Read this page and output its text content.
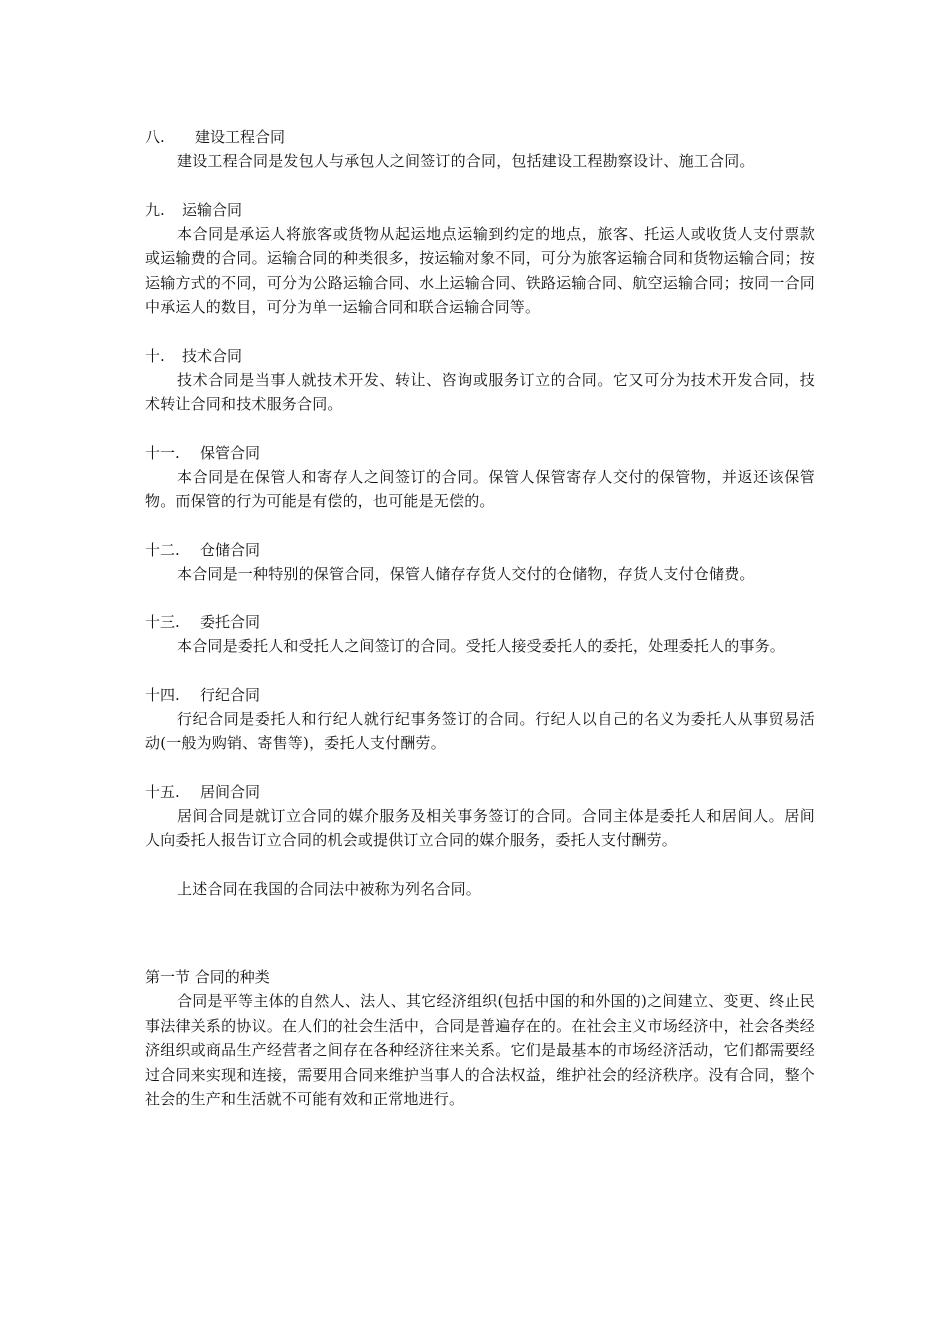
八. 建设工程合同

建设工程合同是发包人与承包人之间签订的合同，包括建设工程勘察设计、施工合同。

九. 运输合同

本合同是承运人将旅客或货物从起运地点运输到约定的地点，旅客、托运人或收货人支付票款或运输费的合同。运输合同的种类很多，按运输对象不同，可分为旅客运输合同和货物运输合同；按运输方式的不同，可分为公路运输合同、水上运输合同、铁路运输合同、航空运输合同；按同一合同中承运人的数目，可分为单一运输合同和联合运输合同等。

十. 技术合同

技术合同是当事人就技术开发、转让、咨询或服务订立的合同。它又可分为技术开发合同，技术转让合同和技术服务合同。

十一. 保管合同

本合同是在保管人和寄存人之间签订的合同。保管人保管寄存人交付的保管物，并返还该保管物。而保管的行为可能是有偿的，也可能是无偿的。

十二. 仓储合同

本合同是一种特别的保管合同，保管人储存存货人交付的仓储物，存货人支付仓储费。

十三. 委托合同

本合同是委托人和受托人之间签订的合同。受托人接受委托人的委托，处理委托人的事务。

十四. 行纪合同

行纪合同是委托人和行纪人就行纪事务签订的合同。行纪人以自己的名义为委托人从事贸易活动(一般为购销、寄售等)，委托人支付酬劳。

十五. 居间合同

居间合同是就订立合同的媒介服务及相关事务签订的合同。合同主体是委托人和居间人。居间人向委托人报告订立合同的机会或提供订立合同的媒介服务，委托人支付酬劳。

上述合同在我国的合同法中被称为列名合同。

第一节 合同的种类

合同是平等主体的自然人、法人、其它经济组织(包括中国的和外国的)之间建立、变更、终止民事法律关系的协议。在人们的社会生活中，合同是普遍存在的。在社会主义市场经济中，社会各类经济组织或商品生产经营者之间存在各种经济往来关系。它们是最基本的市场经济活动，它们都需要经过合同来实现和连接，需要用合同来维护当事人的合法权益，维护社会的经济秩序。没有合同，整个社会的生产和生活就不可能有效和正常地进行。
